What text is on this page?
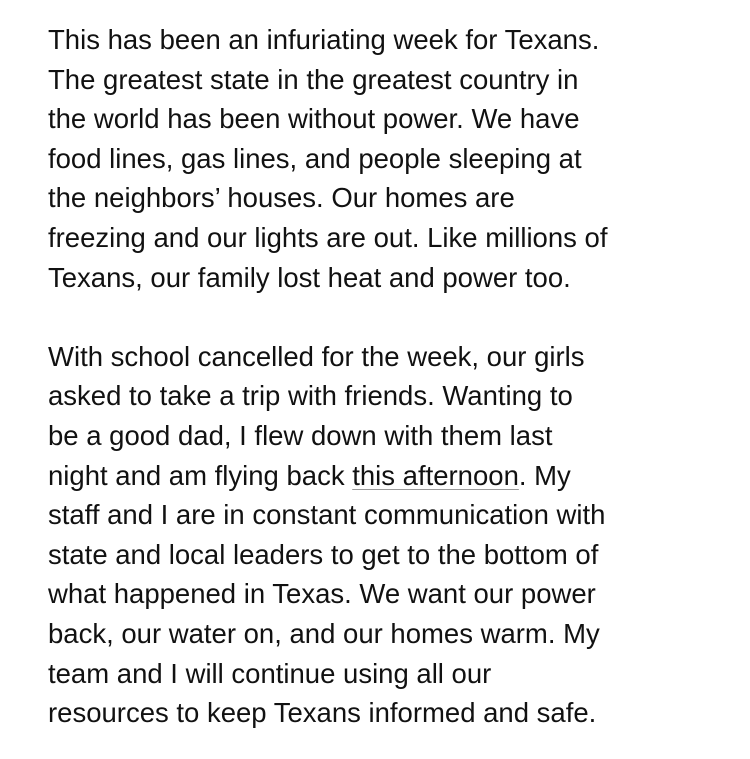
This has been an infuriating week for Texans.
The greatest state in the greatest country in
the world has been without power. We have
food lines, gas lines, and people sleeping at
the neighbors’ houses. Our homes are
freezing and our lights are out. Like millions of
Texans, our family lost heat and power too.
With school cancelled for the week, our girls
asked to take a trip with friends. Wanting to
be a good dad, I flew down with them last
night and am flying back this afternoon. My
staff and I are in constant communication with
state and local leaders to get to the bottom of
what happened in Texas. We want our power
back, our water on, and our homes warm. My
team and I will continue using all our
resources to keep Texans informed and safe.
